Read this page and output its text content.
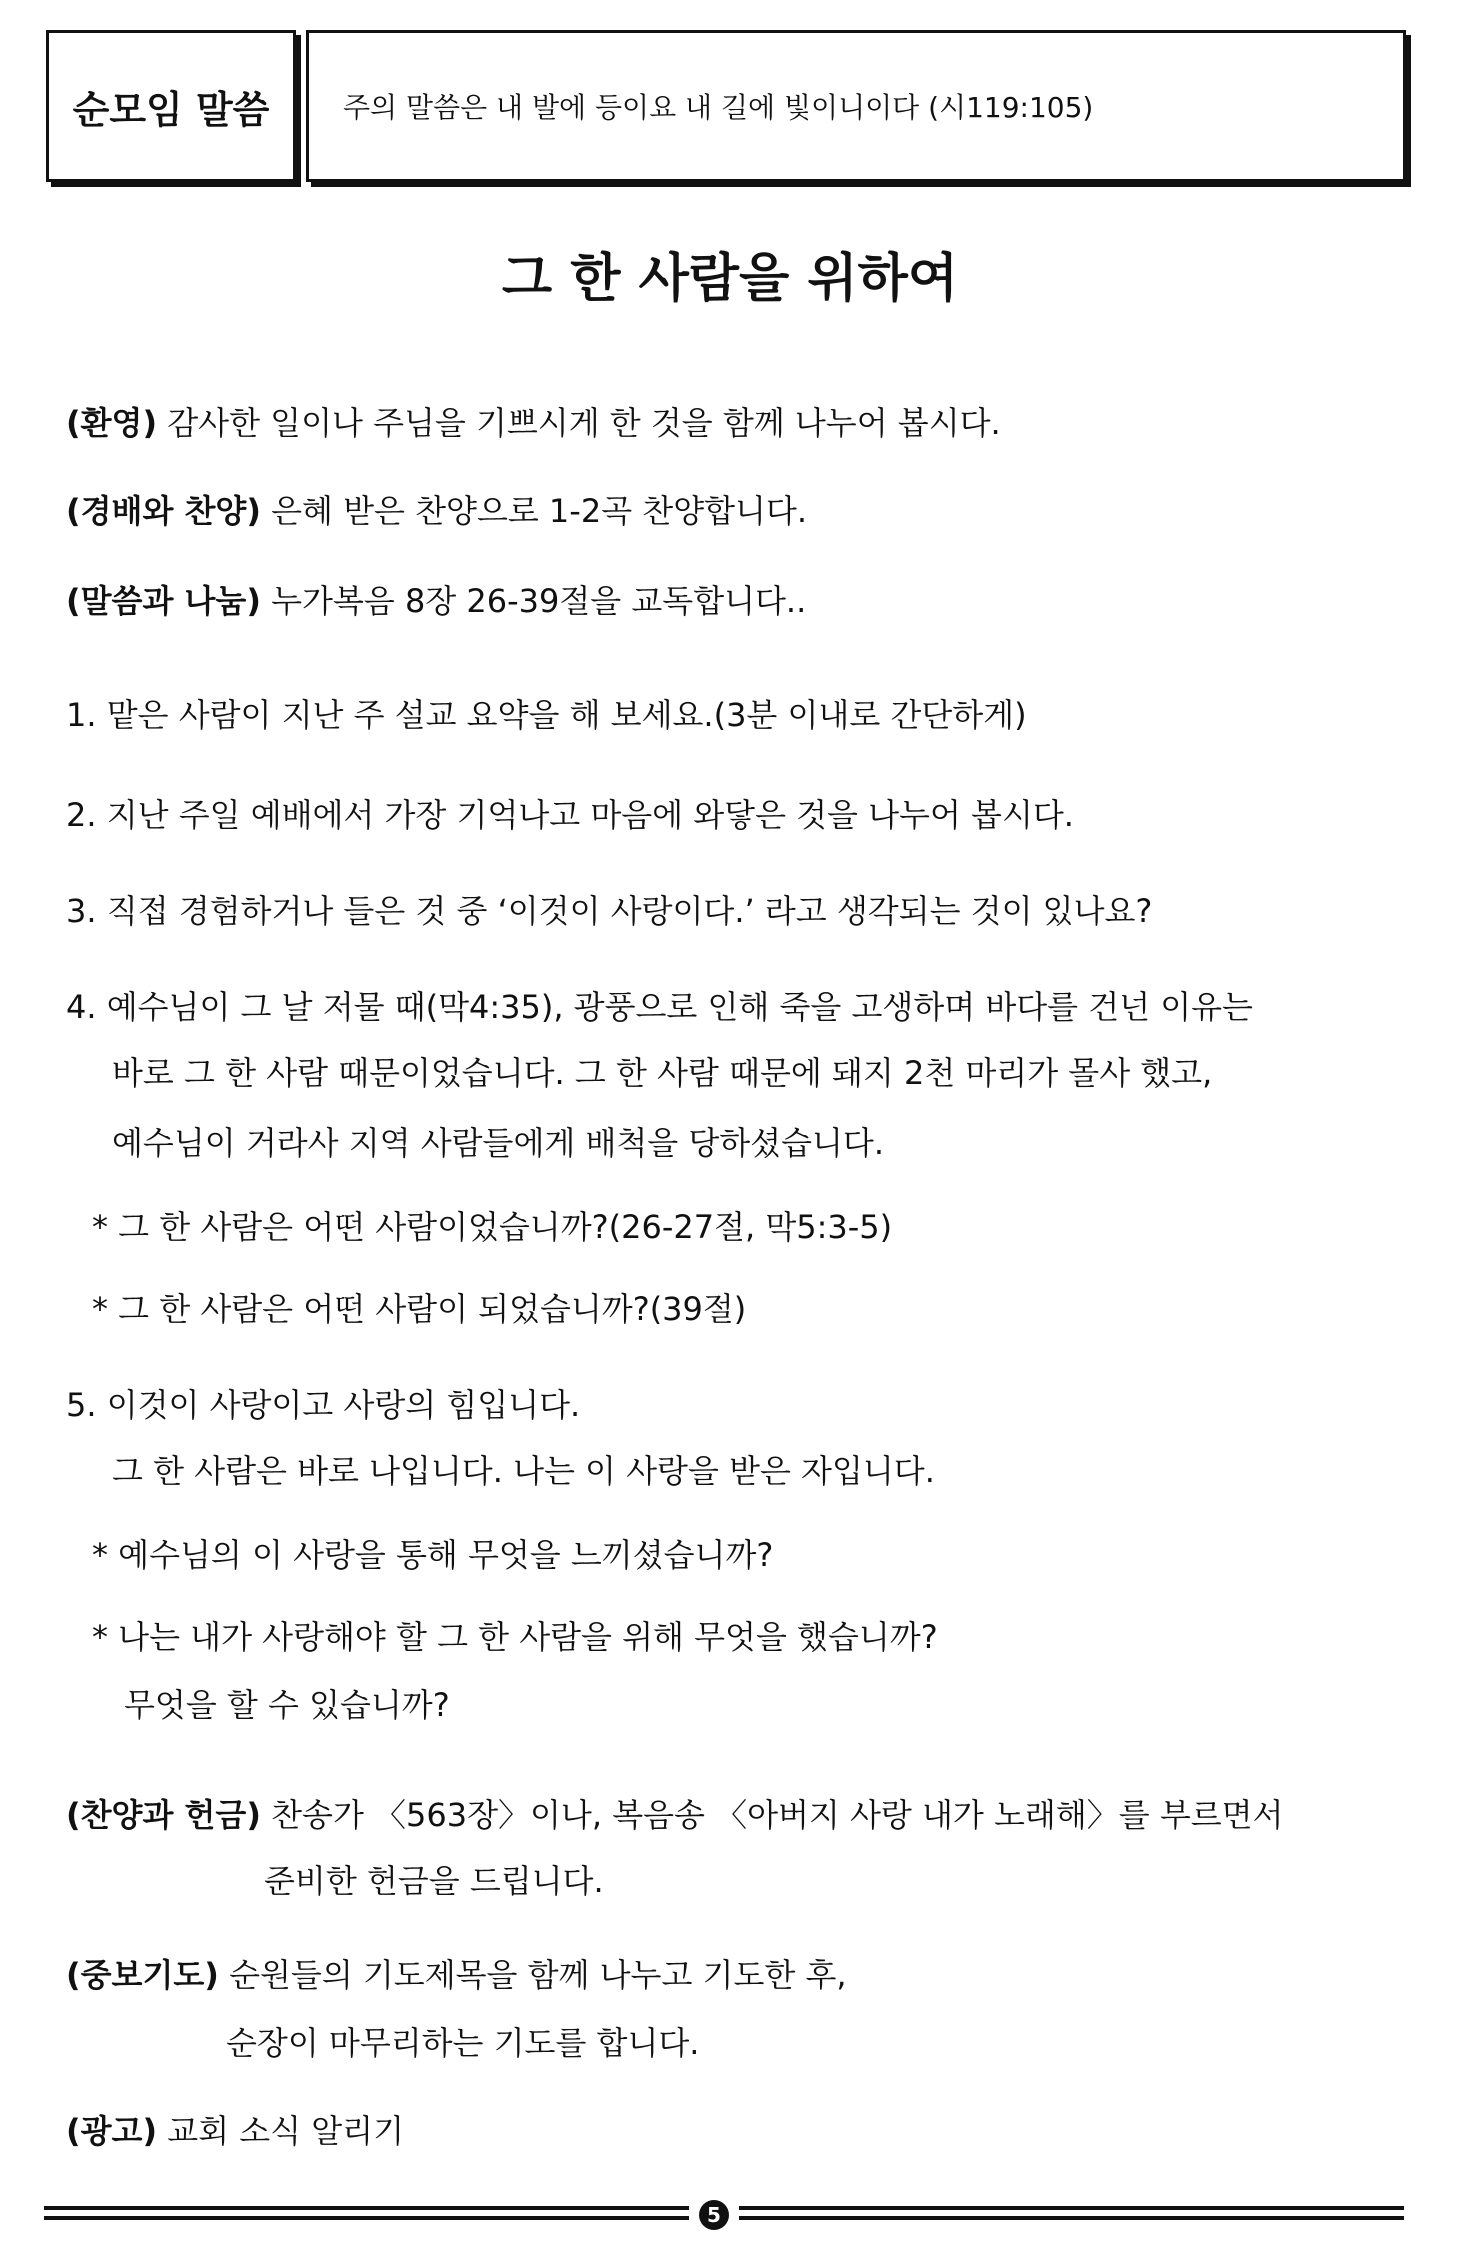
순모임 말씀	주의 말씀은 내 발에 등이요 내 길에 빛이니이다 (시119:105)
그 한 사람을 위하여
(환영) 감사한 일이나 주님을 기쁘시게 한 것을 함께 나누어 봅시다.
(경배와 찬양) 은혜 받은 찬양으로 1-2곡 찬양합니다.
(말씀과 나눔) 누가복음 8장 26-39절을 교독합니다..
1. 맡은 사람이 지난 주 설교 요약을 해 보세요.(3분 이내로 간단하게)
2. 지난 주일 예배에서 가장 기억나고 마음에 와닿은 것을 나누어 봅시다.
3. 직접 경험하거나 들은 것 중 ‘이것이 사랑이다.’ 라고 생각되는 것이 있나요?
4. 예수님이 그 날 저물 때(막4:35), 광풍으로 인해 죽을 고생하며 바다를 건넌 이유는
바로 그 한 사람 때문이었습니다. 그 한 사람 때문에 돼지 2천 마리가 몰사 했고,
예수님이 거라사 지역 사람들에게 배척을 당하셨습니다.
* 그 한 사람은 어떤 사람이었습니까?(26-27절, 막5:3-5)
* 그 한 사람은 어떤 사람이 되었습니까?(39절)
5. 이것이 사랑이고 사랑의 힘입니다.
그 한 사람은 바로 나입니다. 나는 이 사랑을 받은 자입니다.
* 예수님의 이 사랑을 통해 무엇을 느끼셨습니까?
* 나는 내가 사랑해야 할 그 한 사람을 위해 무엇을 했습니까?
무엇을 할 수 있습니까?
(찬양과 헌금) 찬송가 〈563장〉이나, 복음송 〈아버지 사랑 내가 노래해〉를 부르면서
준비한 헌금을 드립니다.
(중보기도) 순원들의 기도제목을 함께 나누고 기도한 후,
순장이 마무리하는 기도를 합니다.
(광고) 교회 소식 알리기
5
